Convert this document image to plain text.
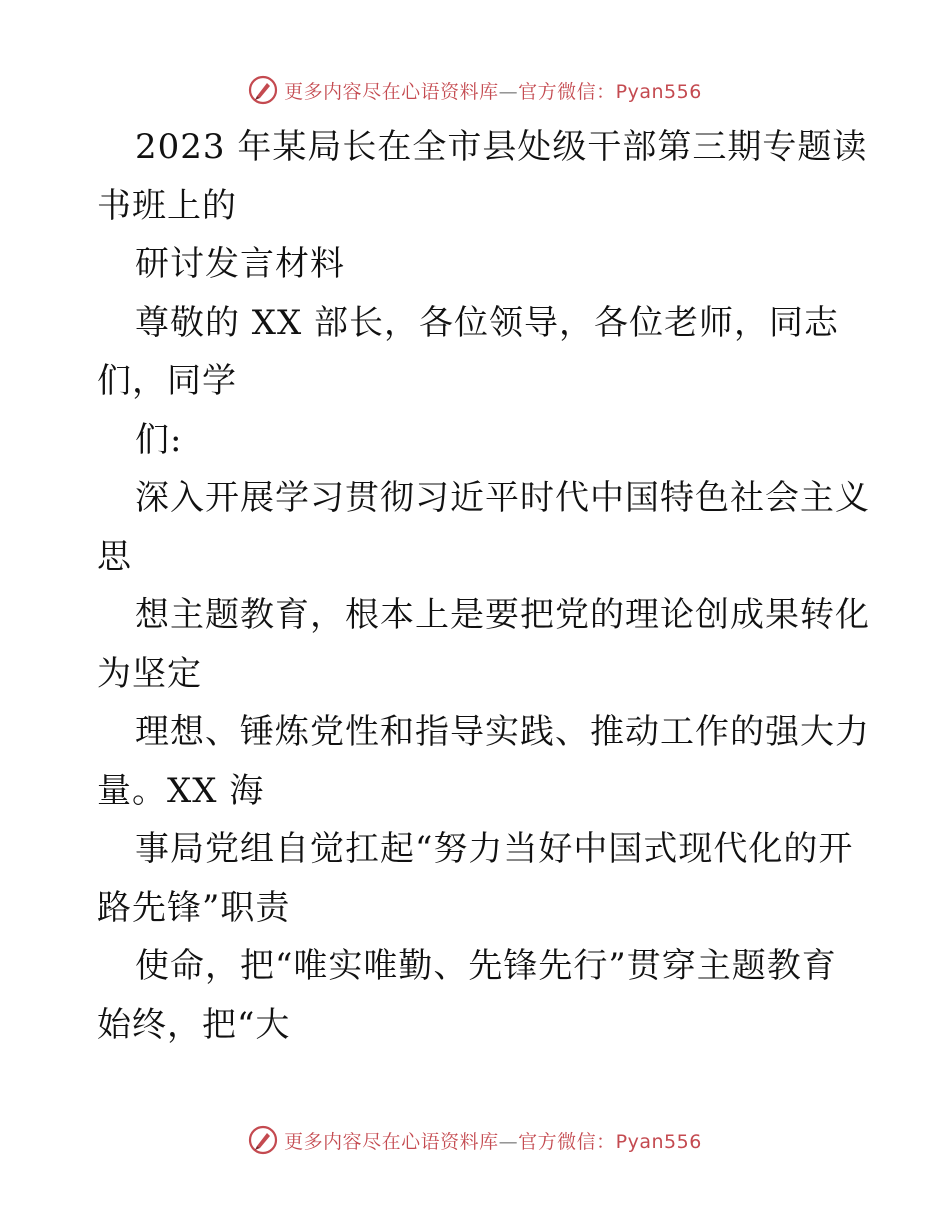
更多内容尽在心语资料库—官方微信：Pyan556
2023 年某局长在全市县处级干部第三期专题读
书班上的
研讨发言材料
尊敬的 XX 部长，各位领导，各位老师，同志
们，同学
们:
深入开展学习贯彻习近平时代中国特色社会主义
思
想主题教育，根本上是要把党的理论创成果转化
为坚定
理想、锤炼党性和指导实践、推动工作的强大力
量。XX 海
事局党组自觉扛起“努力当好中国式现代化的开
路先锋”职责
使命，把“唯实唯勤、先锋先行”贯穿主题教育
始终，把“大
更多内容尽在心语资料库—官方微信：Pyan556
